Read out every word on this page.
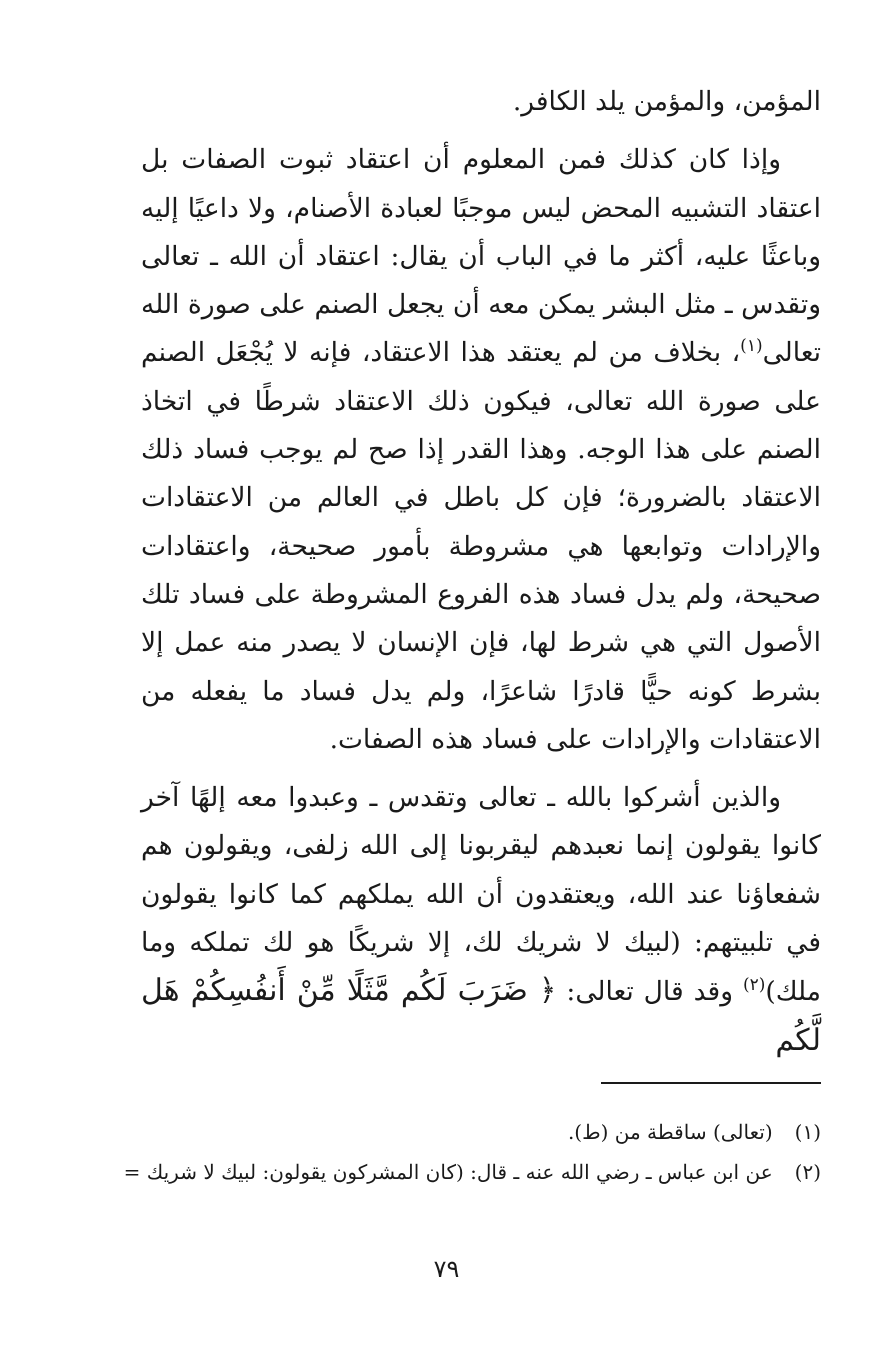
المؤمن، والمؤمن يلد الكافر.

وإذا كان كذلك فمن المعلوم أن اعتقاد ثبوت الصفات بل اعتقاد التشبيه المحض ليس موجبًا لعبادة الأصنام، ولا داعيًا إليه وباعثًا عليه، أكثر ما في الباب أن يقال: اعتقاد أن الله ـ تعالى وتقدس ـ مثل البشر يمكن معه أن يجعل الصنم على صورة الله تعالى$^{(١)}$، بخلاف من لم يعتقد هذا الاعتقاد، فإنه لا يُجْعَل الصنم على صورة الله تعالى، فيكون ذلك الاعتقاد شرطًا في اتخاذ الصنم على هذا الوجه. وهذا القدر إذا صح لم يوجب فساد ذلك الاعتقاد بالضرورة؛ فإن كل باطل في العالم من الاعتقادات والإرادات وتوابعها هي مشروطة بأمور صحيحة، واعتقادات صحيحة، ولم يدل فساد هذه الفروع المشروطة على فساد تلك الأصول التي هي شرط لها، فإن الإنسان لا يصدر منه عمل إلا بشرط كونه حيًّا قادرًا شاعرًا، ولم يدل فساد ما يفعله من الاعتقادات والإرادات على فساد هذه الصفات.

والذين أشركوا بالله ـ تعالى وتقدس ـ وعبدوا معه إلهًا آخر كانوا يقولون إنما نعبدهم ليقربونا إلى الله زلفى، ويقولون هم شفعاؤنا عند الله، ويعتقدون أن الله يملكهم كما كانوا يقولون في تلبيتهم: (لبيك لا شريك لك، إلا شريكًا هو لك تملكه وما ملك)$^{(٢)}$ وقد قال تعالى: ﴿ ضَرَبَ لَكُم مَّثَلًا مِّنْ أَنفُسِكُمْ هَل لَّكُم

(١)
(تعالى) ساقطة من (ط).
(٢)
عن ابن عباس ـ رضي الله عنه ـ قال: (كان المشركون يقولون: لبيك لا شريك =
٧٩
